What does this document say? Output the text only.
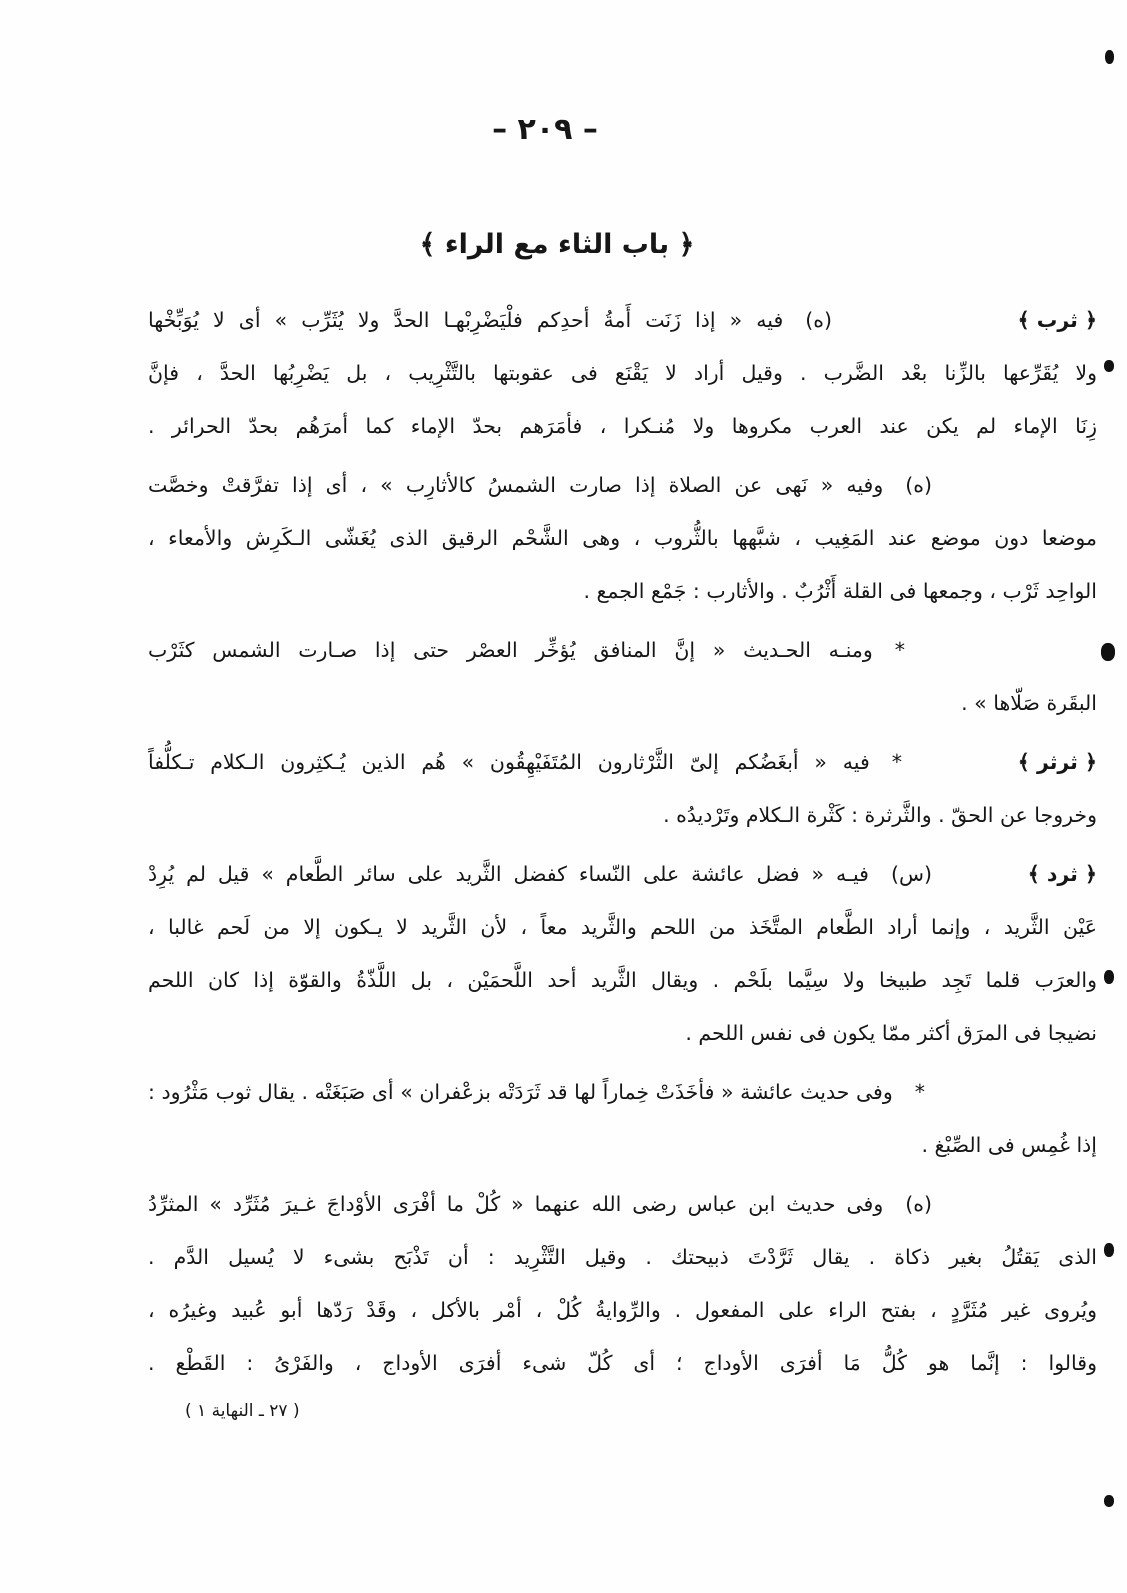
– ٢٠٩ –
﴿ باب الثاء مع الراء ﴾
﴿ ثرب ﴾
(ه)فيه « إذا زَنَت أَمةُ أحدِكم فلْيَضْرِبْهـا الحدَّ ولا يُثَرِّب » أى لا يُوَبِّخْها
ولا يُقَرِّعها بالزِّنا بعْد الضَّرب . وقيل أراد لا يَقْنَع فى عقوبتها بالتَّثْرِيب ، بل يَضْرِبُها الحدَّ ، فإنَّ
زِنَا الإماء لم يكن عند العرب مكروها ولا مُنـكرا ، فأمَرَهم بحدّ الإماء كما أمرَهُم بحدّ الحرائر .
(ه)وفيه « نَهى عن الصلاة إذا صارت الشمسُ كالأثارِب » ، أى إذا تفرَّقتْ وخصَّت
موضعا دون موضع عند المَغِيب ، شبَّهها بالثُّروب ، وهى الشَّحْم الرقيق الذى يُغَشّى الـكَرِش والأمعاء ،
الواحِد ثَرْب ، وجمعها فى القلة أَثْرُبٌ . والأثارب : جَمْع الجمع .
*ومنـه الحـديث « إنَّ المنافق يُؤخِّر العصْر حتى إذا صـارت الشمس كثَرْب
البقَرة صَلّاها » .
﴿ ثرثر ﴾
*فيه « أبغَضُكم إلىّ الثَّرْثارون المُتَفَيْهِقُون » هُم الذين يُـكثِرون الـكلام تـكلُّفاً
وخروجا عن الحقّ . والثَّرثرة : كَثْرة الـكلام وتَرْديدُه .
﴿ ثرد ﴾
(س)فيـه « فضل عائشة على النّساء كفضل الثَّريد على سائر الطَّعام » قيل لم يُرِدْ
عَيْن الثَّريد ، وإنما أراد الطَّعام المتَّخَذ من اللحم والثَّريد معاً ، لأن الثَّريد لا يـكون إلا من لَحم غالبا ،
والعرَب قلما تَجِد طبيخا ولا سِيَّما بلَحْم . ويقال الثَّريد أحد اللَّحمَيْن ، بل اللَّذّةُ والقوّة إذا كان اللحم
نضيجا فى المرَق أكثر ممّا يكون فى نفس اللحم .
*وفى حديث عائشة « فأخَذَتْ خِماراً لها قد ثَرَدَتْه بزعْفران » أى صَبَغَتْه . يقال ثوب مَثْرُود :
إذا غُمِس فى الصِّبْغ .
(ه)وفى حديث ابن عباس رضى الله عنهما « كُلْ ما أفْرَى الأوْداجَ غـيرَ مُثَرِّد » المثرِّدُ
الذى يَقتُلُ بغير ذكاة . يقال ثَرَّدْتَ ذبيحتك . وقيل التَّثْرِيد : أن تَذْبَح بشىء لا يُسيل الدَّم .
ويُروى غير مُثَرَّدٍ ، بفتح الراء على المفعول . والرِّوايةُ كُلْ ، أمْر بالأكل ، وقَدْ رَدّها أبو عُبيد وغيرُه ،
وقالوا : إنَّما هو كُلُّ مَا أفرَى الأوداج ؛ أى كُلّ شىء أفرَى الأوداج ، والفَرْىُ : القَطْع .
( ٢٧ ـ النهاية ١ )
